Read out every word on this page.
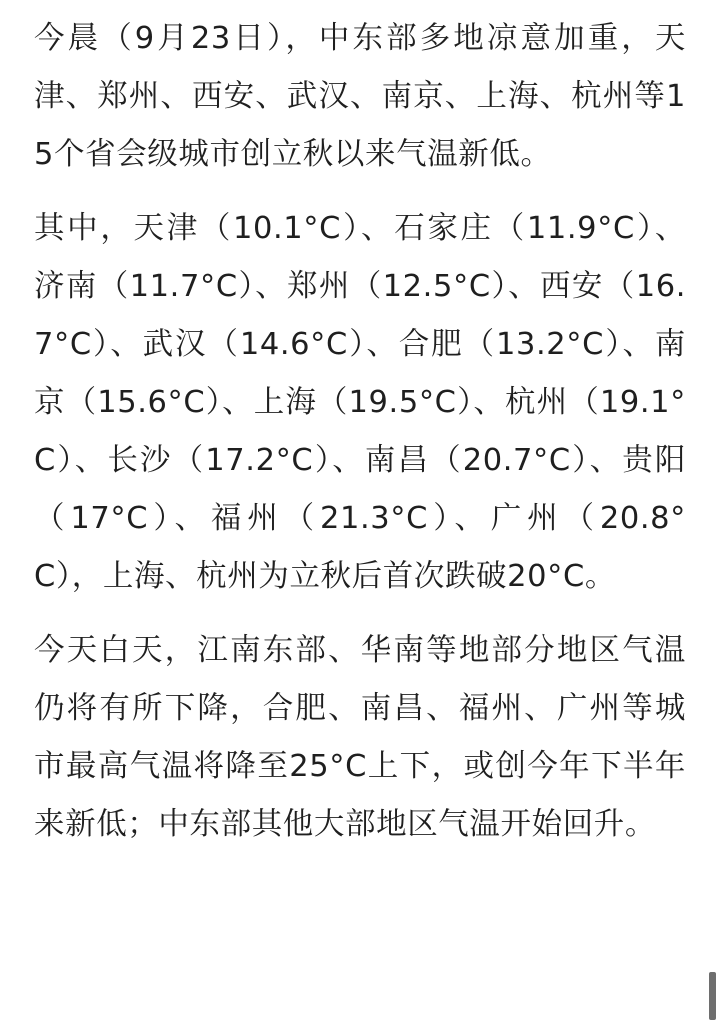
今晨（9月23日），中东部多地凉意加重，天津、郑州、西安、武汉、南京、上海、杭州等15个省会级城市创立秋以来气温新低。

其中，天津（10.1°C）、石家庄（11.9°C）、济南（11.7°C）、郑州（12.5°C）、西安（16.7°C）、武汉（14.6°C）、合肥（13.2°C）、南京（15.6°C）、上海（19.5°C）、杭州（19.1°C）、长沙（17.2°C）、南昌（20.7°C）、贵阳（17°C）、福州（21.3°C）、广州（20.8°C），上海、杭州为立秋后首次跌破20°C。

今天白天，江南东部、华南等地部分地区气温仍将有所下降，合肥、南昌、福州、广州等城市最高气温将降至25°C上下，或创今年下半年来新低；中东部其他大部地区气温开始回升。
